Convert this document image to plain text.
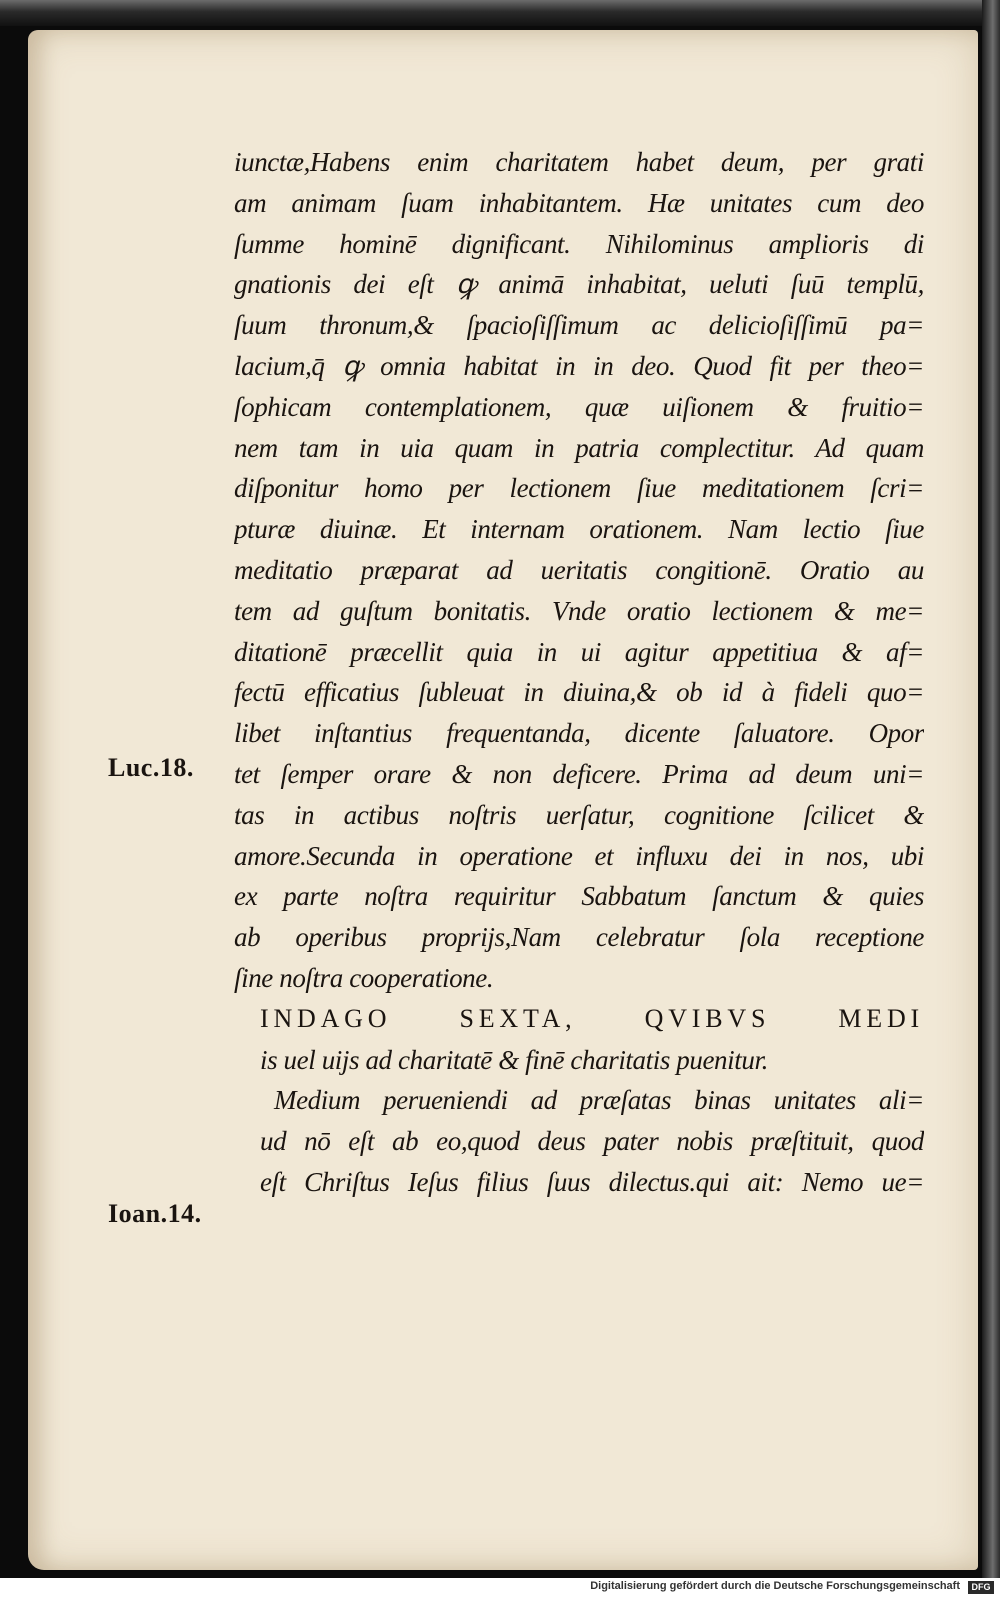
Luc.18.
Ioan.14.
iunctæ,Habens enim charitatem habet deum, per grati
am animam ſuam inhabitantem. Hæ unitates cum deo
ſumme hominē dignificant. Nihilominus amplioris di
gnationis dei eſt ꝙ animā inhabitat, ueluti ſuū templū,
ſuum thronum,& ſpacioſiſſimum ac delicioſiſſimū pa=
lacium,q̄ ꝙ omnia habitat in in deo. Quod fit per theo=
ſophicam contemplationem, quæ uiſionem & fruitio=
nem tam in uia quam in patria complectitur. Ad quam
diſponitur homo per lectionem ſiue meditationem ſcri=
pturæ diuinæ. Et internam orationem. Nam lectio ſiue
meditatio præparat ad ueritatis congitionē. Oratio au
tem ad guſtum bonitatis. Vnde oratio lectionem & me=
ditationē præcellit quia in ui agitur appetitiua & af=
fectū efficatius ſubleuat in diuina,& ob id à fideli quo=
libet inſtantius frequentanda, dicente ſaluatore. Opor
tet ſemper orare & non deficere. Prima ad deum uni=
tas in actibus noſtris uerſatur, cognitione ſcilicet &
amore.Secunda in operatione et influxu dei in nos, ubi
ex parte noſtra requiritur Sabbatum ſanctum & quies
ab operibus proprijs,Nam celebratur ſola receptione
ſine noſtra cooperatione.
INDAGO SEXTA, QVIBVS MEDI
is uel uijs ad charitatē & finē charitatis puenitur.
Medium perueniendi ad præſatas binas unitates ali=
ud nō eſt ab eo,quod deus pater nobis præſtituit, quod
eſt Chriſtus Ieſus filius ſuus dilectus.qui ait: Nemo ue=
Digitalisierung gefördert durch die Deutsche Forschungsgemeinschaft	DFG
